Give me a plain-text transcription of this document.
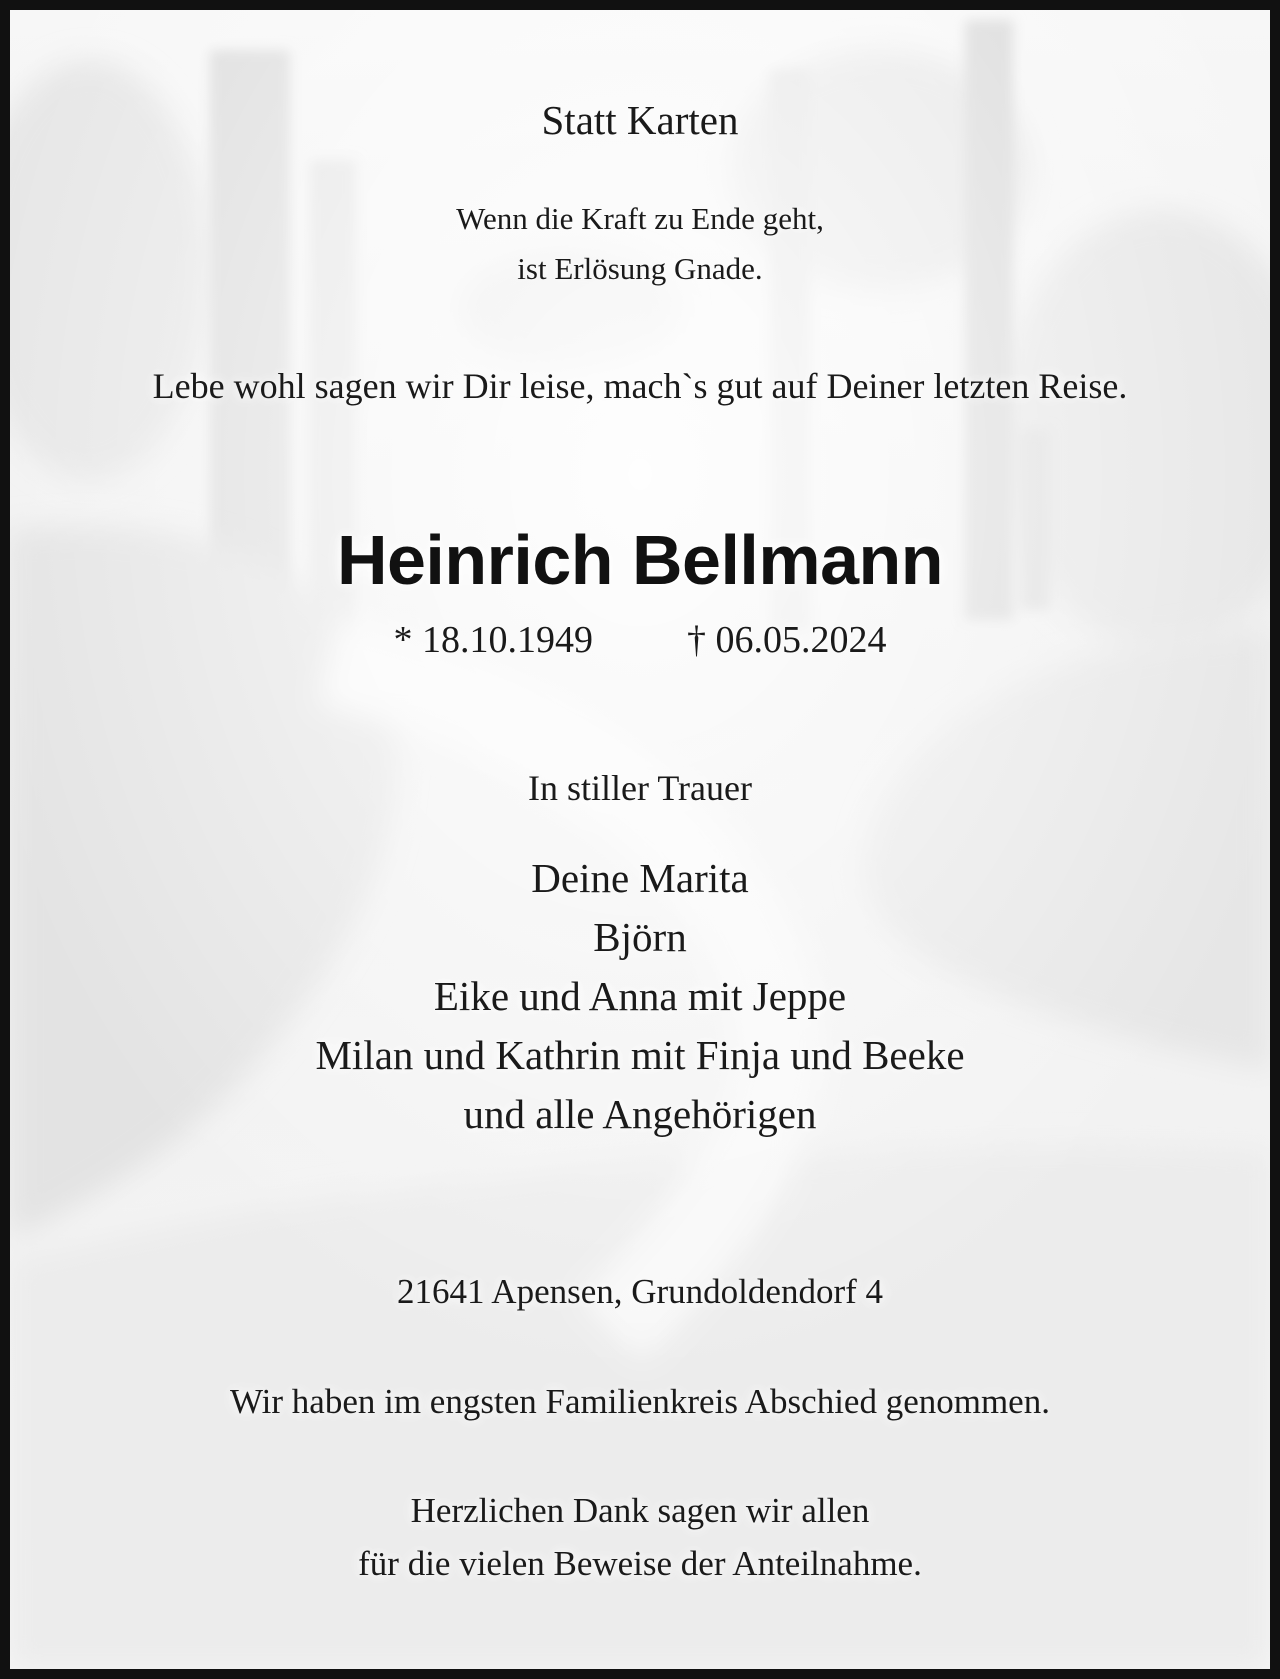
Statt Karten
Wenn die Kraft zu Ende geht,
ist Erlösung Gnade.
Lebe wohl sagen wir Dir leise, mach`s gut auf Deiner letzten Reise.
Heinrich Bellmann
* 18.10.1949 † 06.05.2024
In stiller Trauer
Deine Marita
Björn
Eike und Anna mit Jeppe
Milan und Kathrin mit Finja und Beeke
und alle Angehörigen
21641 Apensen, Grundoldendorf 4
Wir haben im engsten Familienkreis Abschied genommen.
Herzlichen Dank sagen wir allen
für die vielen Beweise der Anteilnahme.
